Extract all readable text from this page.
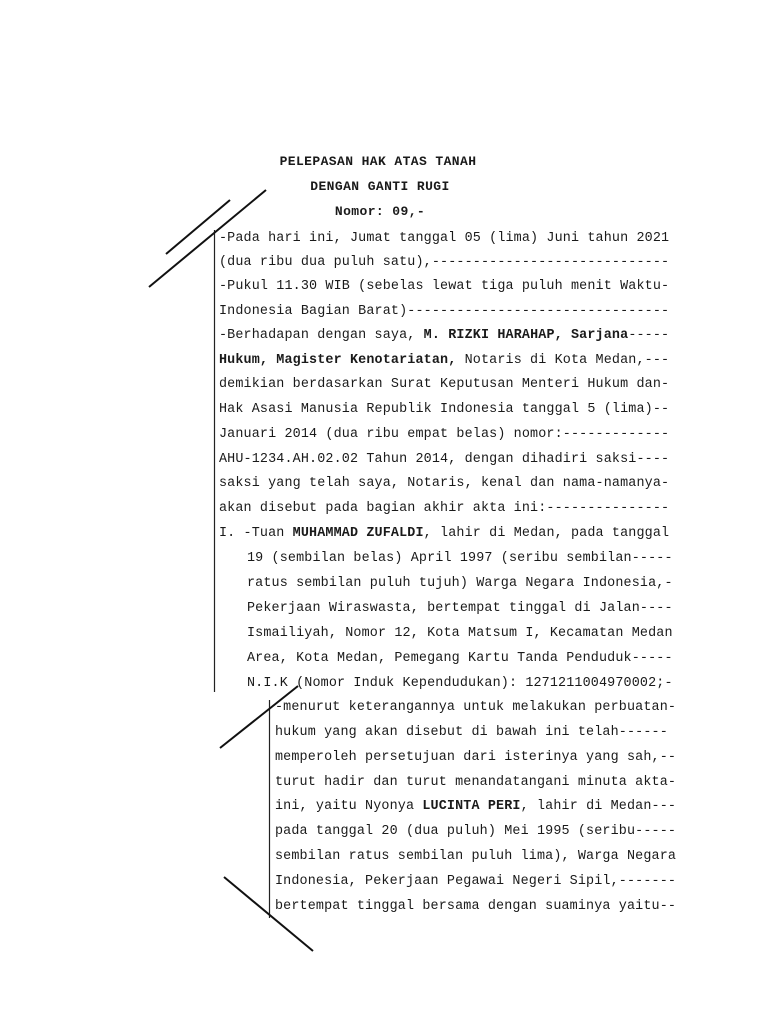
PELEPASAN HAK ATAS TANAH
DENGAN GANTI RUGI
Nomor: 09,-
-Pada hari ini, Jumat tanggal 05 (lima) Juni tahun 2021
(dua ribu dua puluh satu),-----------------------------
-Pukul 11.30 WIB (sebelas lewat tiga puluh menit Waktu-
Indonesia Bagian Barat)--------------------------------
-Berhadapan dengan saya, M. RIZKI HARAHAP, Sarjana-----
Hukum, Magister Kenotariatan, Notaris di Kota Medan,---
demikian berdasarkan Surat Keputusan Menteri Hukum dan-
Hak Asasi Manusia Republik Indonesia tanggal 5 (lima)--
Januari 2014 (dua ribu empat belas) nomor:-------------
AHU-1234.AH.02.02 Tahun 2014, dengan dihadiri saksi----
saksi yang telah saya, Notaris, kenal dan nama-namanya-
akan disebut pada bagian akhir akta ini:---------------
I. -Tuan MUHAMMAD ZUFALDI, lahir di Medan, pada tanggal
19 (sembilan belas) April 1997 (seribu sembilan-----
ratus sembilan puluh tujuh) Warga Negara Indonesia,-
Pekerjaan Wiraswasta, bertempat tinggal di Jalan----
Ismailiyah, Nomor 12, Kota Matsum I, Kecamatan Medan
Area, Kota Medan, Pemegang Kartu Tanda Penduduk-----
N.I.K (Nomor Induk Kependudukan): 1271211004970002;-
-menurut keterangannya untuk melakukan perbuatan-
hukum yang akan disebut di bawah ini telah------
memperoleh persetujuan dari isterinya yang sah,--
turut hadir dan turut menandatangani minuta akta-
ini, yaitu Nyonya LUCINTA PERI, lahir di Medan---
pada tanggal 20 (dua puluh) Mei 1995 (seribu-----
sembilan ratus sembilan puluh lima), Warga Negara
Indonesia, Pekerjaan Pegawai Negeri Sipil,-------
bertempat tinggal bersama dengan suaminya yaitu--
